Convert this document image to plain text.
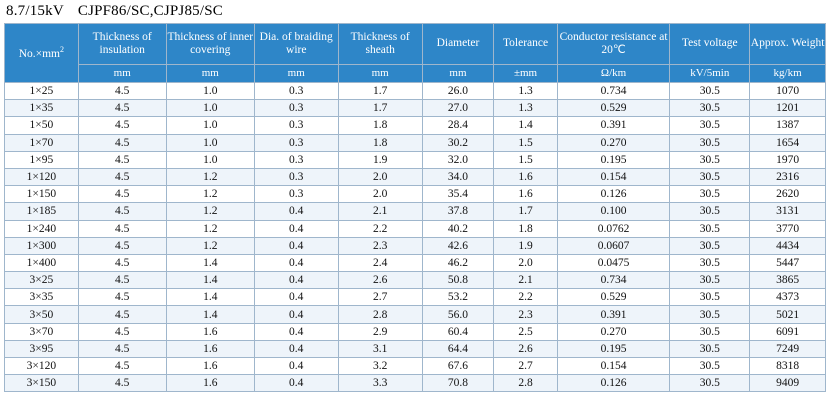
8.7/15kV CJPF86/SC,CJPJ85/SC
$No.\times mm^2$	Thickness of insulation	Thickness of inner covering	Dia. of braiding wire	Thickness of sheath	Diameter	Tolerance	Conductor resistance at 20℃	Test voltage	Approx. Weight
	mm	mm	mm	mm	mm	±mm	Ω/km	kV/5min	kg/km
1×25	4.5	1.0	0.3	1.7	26.0	1.3	0.734	30.5	1070
1×35	4.5	1.0	0.3	1.7	27.0	1.3	0.529	30.5	1201
1×50	4.5	1.0	0.3	1.8	28.4	1.4	0.391	30.5	1387
1×70	4.5	1.0	0.3	1.8	30.2	1.5	0.270	30.5	1654
1×95	4.5	1.0	0.3	1.9	32.0	1.5	0.195	30.5	1970
1×120	4.5	1.2	0.3	2.0	34.0	1.6	0.154	30.5	2316
1×150	4.5	1.2	0.3	2.0	35.4	1.6	0.126	30.5	2620
1×185	4.5	1.2	0.4	2.1	37.8	1.7	0.100	30.5	3131
1×240	4.5	1.2	0.4	2.2	40.2	1.8	0.0762	30.5	3770
1×300	4.5	1.2	0.4	2.3	42.6	1.9	0.0607	30.5	4434
1×400	4.5	1.4	0.4	2.4	46.2	2.0	0.0475	30.5	5447
3×25	4.5	1.4	0.4	2.6	50.8	2.1	0.734	30.5	3865
3×35	4.5	1.4	0.4	2.7	53.2	2.2	0.529	30.5	4373
3×50	4.5	1.4	0.4	2.8	56.0	2.3	0.391	30.5	5021
3×70	4.5	1.6	0.4	2.9	60.4	2.5	0.270	30.5	6091
3×95	4.5	1.6	0.4	3.1	64.4	2.6	0.195	30.5	7249
3×120	4.5	1.6	0.4	3.2	67.6	2.7	0.154	30.5	8318
3×150	4.5	1.6	0.4	3.3	70.8	2.8	0.126	30.5	9409
